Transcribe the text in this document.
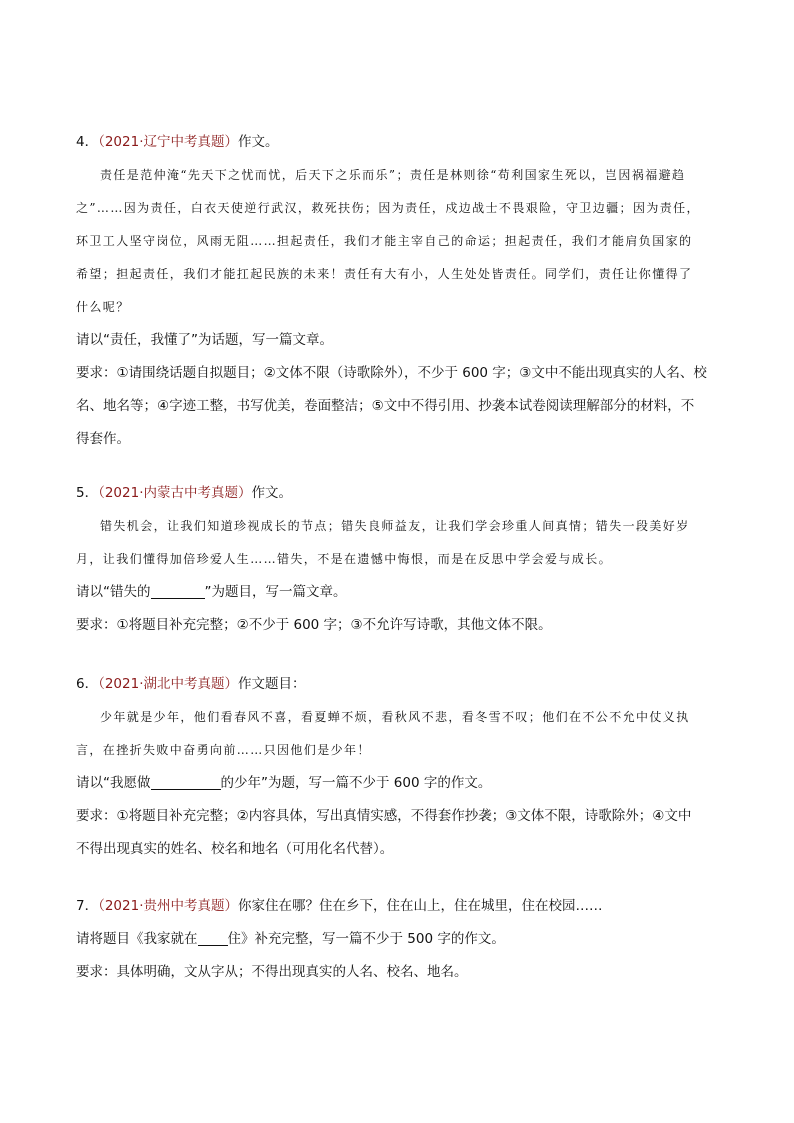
4．（2021·辽宁中考真题）作文。
责任是范仲淹“先天下之忧而忧，后天下之乐而乐”；责任是林则徐“苟利国家生死以，岂因祸福避趋
之”……因为责任，白衣天使逆行武汉，救死扶伤；因为责任，戍边战士不畏艰险，守卫边疆；因为责任，
环卫工人坚守岗位，风雨无阻……担起责任，我们才能主宰自己的命运；担起责任，我们才能肩负国家的
希望；担起责任，我们才能扛起民族的未来！责任有大有小，人生处处皆责任。同学们，责任让你懂得了
什么呢？
请以“责任，我懂了”为话题，写一篇文章。
要求：①请围绕话题自拟题目；②文体不限（诗歌除外），不少于 600 字；③文中不能出现真实的人名、校
名、地名等；④字迹工整，书写优美，卷面整洁；⑤文中不得引用、抄袭本试卷阅读理解部分的材料，不
得套作。
5．（2021·内蒙古中考真题）作文。
错失机会，让我们知道珍视成长的节点；错失良师益友，让我们学会珍重人间真情；错失一段美好岁
月，让我们懂得加倍珍爱人生……错失，不是在遗憾中悔恨，而是在反思中学会爱与成长。
请以“错失的	”为题目，写一篇文章。
要求：①将题目补充完整；②不少于 600 字；③不允许写诗歌，其他文体不限。
6．（2021·湖北中考真题）作文题目：
少年就是少年，他们看春风不喜，看夏蝉不烦，看秋风不悲，看冬雪不叹；他们在不公不允中仗义执
言，在挫折失败中奋勇向前……只因他们是少年！
请以“我愿做	的少年”为题，写一篇不少于 600 字的作文。
要求：①将题目补充完整；②内容具体，写出真情实感，不得套作抄袭；③文体不限，诗歌除外；④文中
不得出现真实的姓名、校名和地名（可用化名代替）。
7．（2021·贵州中考真题）你家住在哪？住在乡下，住在山上，住在城里，住在校园……
请将题目《我家就在 住》补充完整，写一篇不少于 500 字的作文。
要求：具体明确，文从字从；不得出现真实的人名、校名、地名。
